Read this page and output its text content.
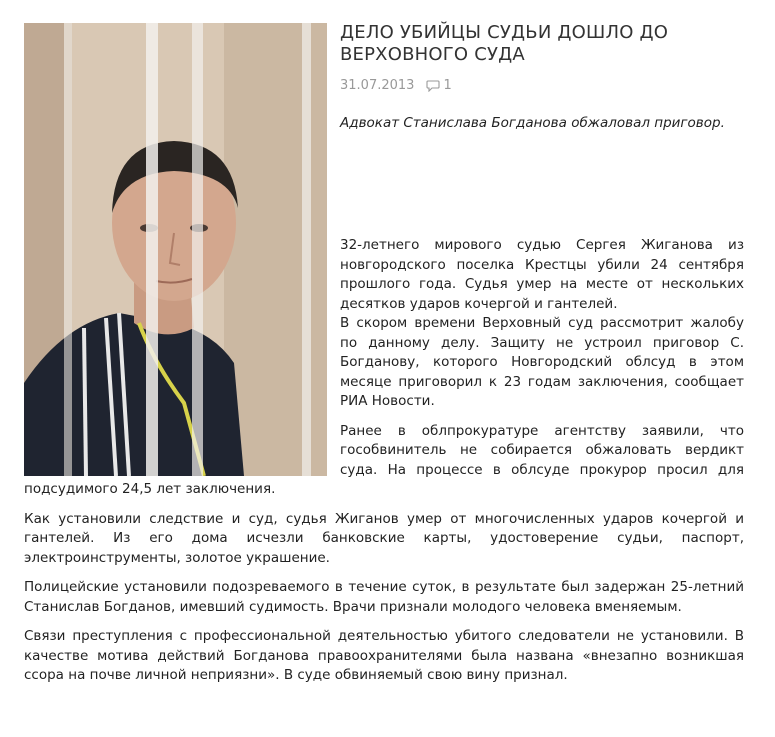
ДЕЛО УБИЙЦЫ СУДЬИ ДОШЛО ДО ВЕРХОВНОГО СУДА
31.07.2013 1

Адвокат Станислава Богданова обжаловал приговор.

32-летнего мирового судью Сергея Жиганова из новгородского поселка Крестцы убили 24 сентября прошлого года. Судья умер на месте от нескольких десятков ударов кочергой и гантелей.

В скором времени Верховный суд рассмотрит жалобу по данному делу. Защиту не устроил приговор С. Богданову, которого Новгородский облсуд в этом месяце приговорил к 23 годам заключения, сообщает РИА Новости.

Ранее в облпрокуратуре агентству заявили, что гособвинитель не собирается обжаловать вердикт суда. На процессе в облсуде прокурор просил для подсудимого 24,5 лет заключения.

Как установили следствие и суд, судья Жиганов умер от многочисленных ударов кочергой и гантелей. Из его дома исчезли банковские карты, удостоверение судьи, паспорт, электроинструменты, золотое украшение.

Полицейские установили подозреваемого в течение суток, в результате был задержан 25-летний Станислав Богданов, имевший судимость. Врачи признали молодого человека вменяемым.

Связи преступления с профессиональной деятельностью убитого следователи не установили. В качестве мотива действий Богданова правоохранителями была названа «внезапно возникшая ссора на почве личной неприязни». В суде обвиняемый свою вину признал.
